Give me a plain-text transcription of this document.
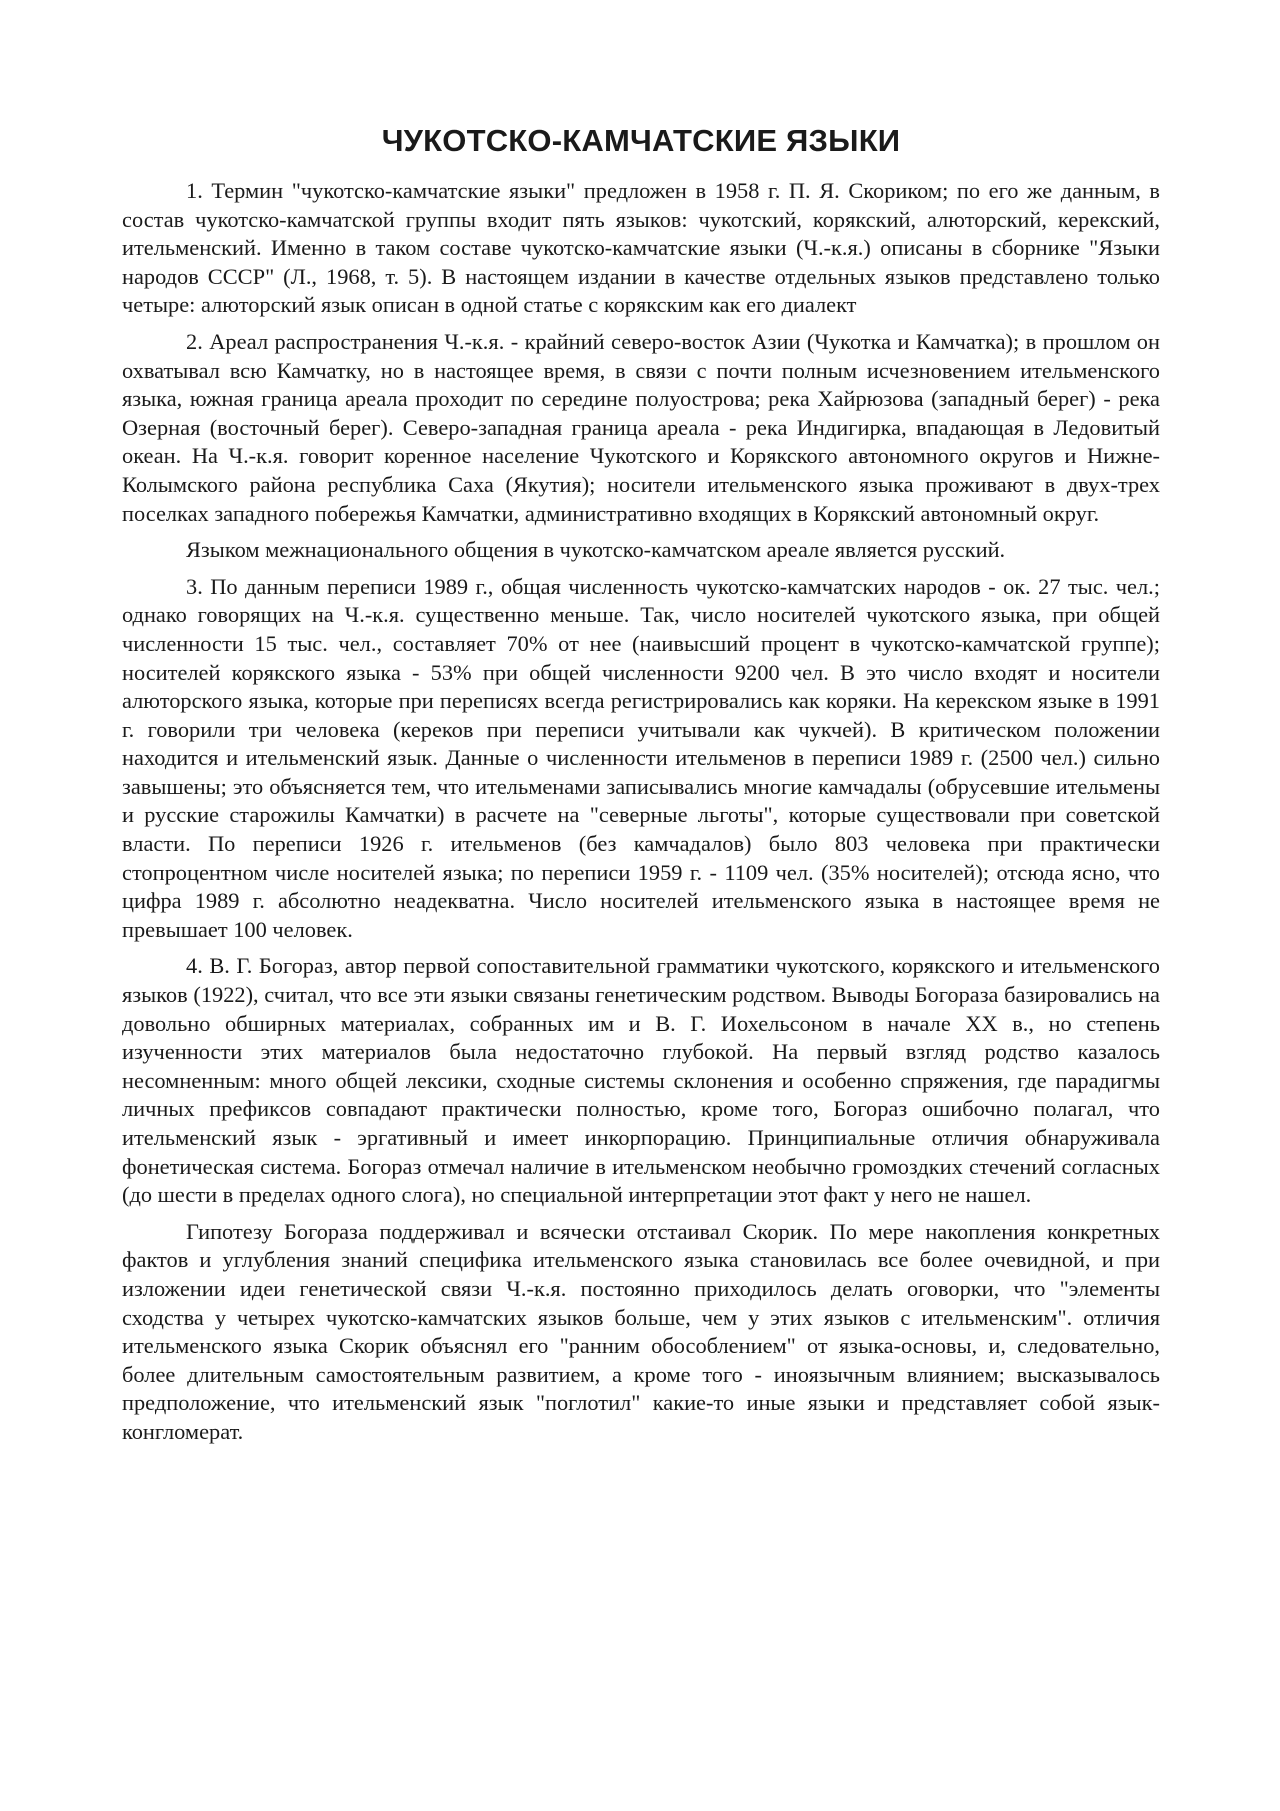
ЧУКОТСКО-КАМЧАТСКИЕ ЯЗЫКИ

1. Термин "чукотско-камчатские языки" предложен в 1958 г. П. Я. Скориком; по его же данным, в состав чукотско-камчатской группы входит пять языков: чукотский, корякский, алюторский, керекский, ительменский. Именно в таком составе чукотско-камчатские языки (Ч.-к.я.) описаны в сборнике "Языки народов СССР" (Л., 1968, т. 5). В настоящем издании в качестве отдельных языков представлено только четыре: алюторский язык описан в одной статье с корякским как его диалект

2. Ареал распространения Ч.-к.я. - крайний северо-восток Азии (Чукотка и Камчатка); в прошлом он охватывал всю Камчатку, но в настоящее время, в связи с почти полным исчезновением ительменского языка, южная граница ареала проходит по середине полуострова; река Хайрюзова (западный берег) - река Озерная (восточный берег). Северо-западная граница ареала - река Индигирка, впадающая в Ледовитый океан. На Ч.-к.я. говорит коренное население Чукотского и Корякского автономного округов и Нижне-Колымского района республика Саха (Якутия); носители ительменского языка проживают в двух-трех поселках западного побережья Камчатки, административно входящих в Корякский автономный округ.

Языком межнационального общения в чукотско-камчатском ареале является русский.

3. По данным переписи 1989 г., общая численность чукотско-камчатских народов - ок. 27 тыс. чел.; однако говорящих на Ч.-к.я. существенно меньше. Так, число носителей чукотского языка, при общей численности 15 тыс. чел., составляет 70% от нее (наивысший процент в чукотско-камчатской группе); носителей корякского языка - 53% при общей численности 9200 чел. В это число входят и носители алюторского языка, которые при переписях всегда регистрировались как коряки. На керекском языке в 1991 г. говорили три человека (кереков при переписи учитывали как чукчей). В критическом положении находится и ительменский язык. Данные о численности ительменов в переписи 1989 г. (2500 чел.) сильно завышены; это объясняется тем, что ительменами записывались многие камчадалы (обрусевшие ительмены и русские старожилы Камчатки) в расчете на "северные льготы", которые существовали при советской власти. По переписи 1926 г. ительменов (без камчадалов) было 803 человека при практически стопроцентном числе носителей языка; по переписи 1959 г. - 1109 чел. (35% носителей); отсюда ясно, что цифра 1989 г. абсолютно неадекватна. Число носителей ительменского языка в настоящее время не превышает 100 человек.

4. В. Г. Богораз, автор первой сопоставительной грамматики чукотского, корякского и ительменского языков (1922), считал, что все эти языки связаны генетическим родством. Выводы Богораза базировались на довольно обширных материалах, собранных им и В. Г. Иохельсоном в начале XX в., но степень изученности этих материалов была недостаточно глубокой. На первый взгляд родство казалось несомненным: много общей лексики, сходные системы склонения и особенно спряжения, где парадигмы личных префиксов совпадают практически полностью, кроме того, Богораз ошибочно полагал, что ительменский язык - эргативный и имеет инкорпорацию. Принципиальные отличия обнаруживала фонетическая система. Богораз отмечал наличие в ительменском необычно громоздких стечений согласных (до шести в пределах одного слога), но специальной интерпретации этот факт у него не нашел.

Гипотезу Богораза поддерживал и всячески отстаивал Скорик. По мере накопления конкретных фактов и углубления знаний специфика ительменского языка становилась все более очевидной, и при изложении идеи генетической связи Ч.-к.я. постоянно приходилось делать оговорки, что "элементы сходства у четырех чукотско-камчатских языков больше, чем у этих языков с ительменским". отличия ительменского языка Скорик объяснял его "ранним обособлением" от языка-основы, и, следовательно, более длительным самостоятельным развитием, а кроме того - иноязычным влиянием; высказывалось предположение, что ительменский язык "поглотил" какие-то иные языки и представляет собой язык-конгломерат.
